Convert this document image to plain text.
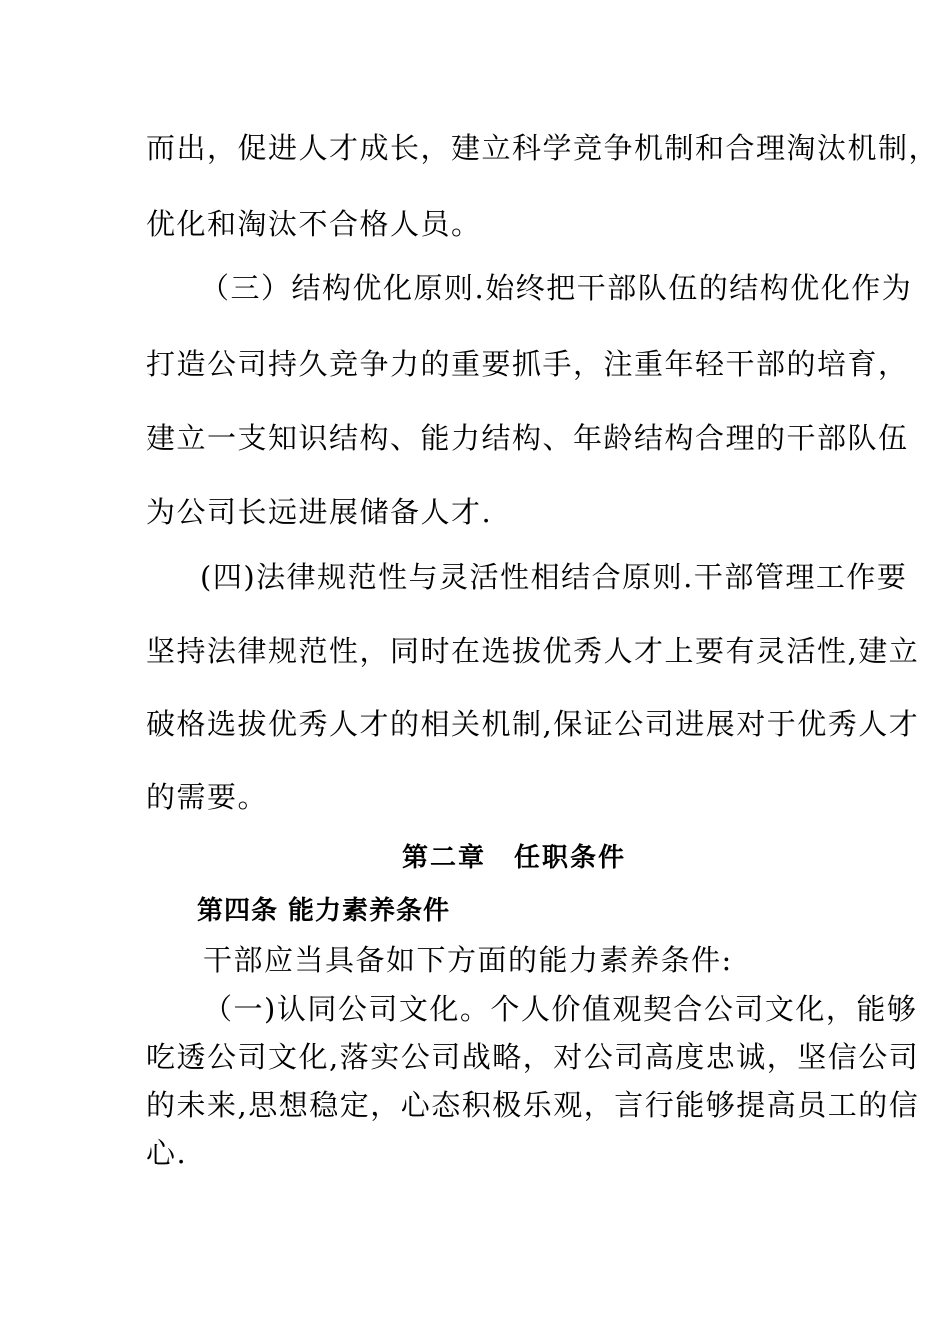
而出，促进人才成长，建立科学竞争机制和合理淘汰机制，
优化和淘汰不合格人员。
（三）结构优化原则.始终把干部队伍的结构优化作为
打造公司持久竞争力的重要抓手，注重年轻干部的培育，
建立一支知识结构、能力结构、年龄结构合理的干部队伍
为公司长远进展储备人才.
(四)法律规范性与灵活性相结合原则.干部管理工作要
坚持法律规范性，同时在选拔优秀人才上要有灵活性,建立
破格选拔优秀人才的相关机制,保证公司进展对于优秀人才
的需要。
第二章　任职条件
第四条 能力素养条件
干部应当具备如下方面的能力素养条件:
（一)认同公司文化。个人价值观契合公司文化，能够
吃透公司文化,落实公司战略，对公司高度忠诚，坚信公司
的未来,思想稳定，心态积极乐观，言行能够提高员工的信
心.
